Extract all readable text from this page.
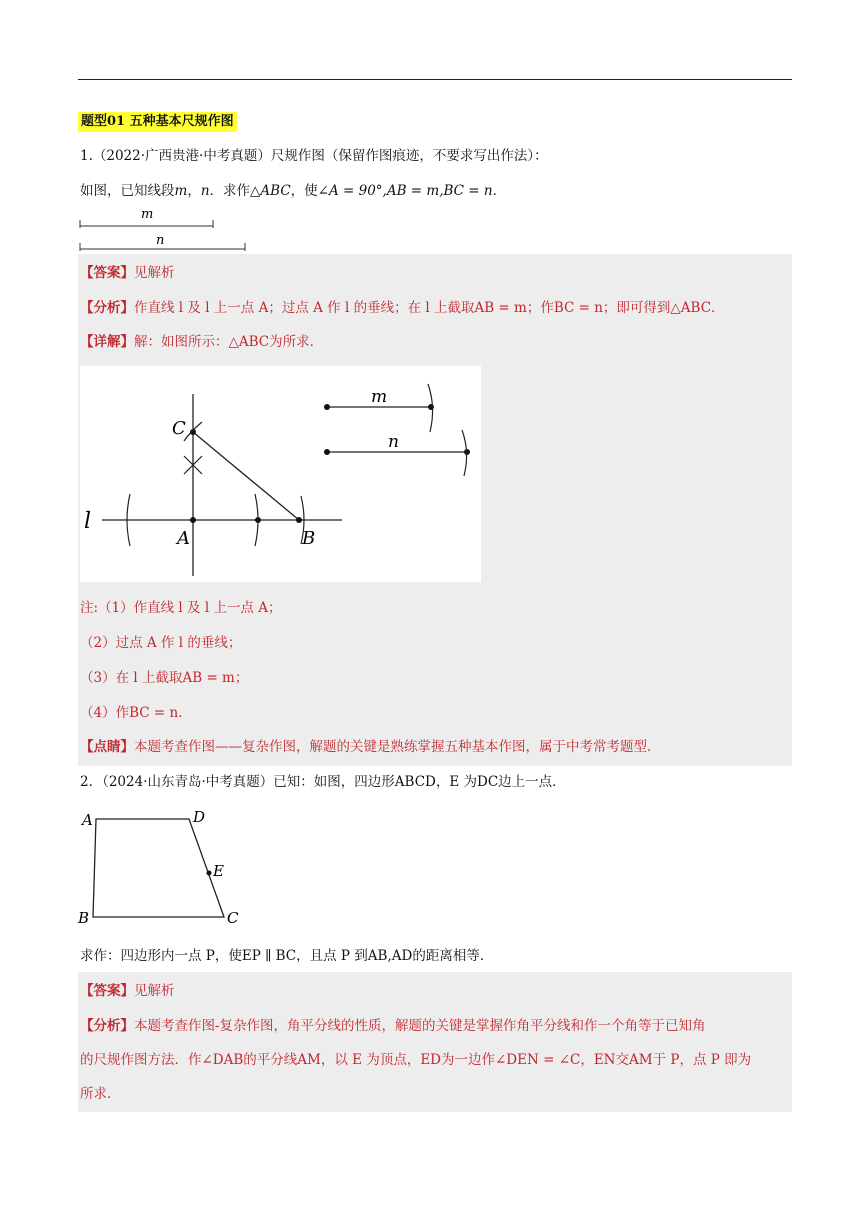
题型01 五种基本尺规作图
1.（2022·广西贵港·中考真题）尺规作图（保留作图痕迹，不要求写出作法）：
如图，已知线段m，n．求作△ABC，使∠A = 90°,AB = m,BC = n．
m
n
【答案】见解析
【分析】作直线 l 及 l 上一点 A；过点 A 作 l 的垂线；在 l 上截取AB = m；作BC = n；即可得到△ABC．
【详解】解：如图所示：△ABC为所求．
C
A	B
l
m
n
注:（1）作直线 l 及 l 上一点 A；
（2）过点 A 作 l 的垂线；
（3）在 l 上截取AB = m；
（4）作BC = n.
【点睛】本题考查作图——复杂作图，解题的关键是熟练掌握五种基本作图，属于中考常考题型．
2．（2024·山东青岛·中考真题）已知：如图，四边形ABCD，E 为DC边上一点．
A	D
E
B	C
求作：四边形内一点 P，使EP ∥ BC，且点 P 到AB,AD的距离相等．
【答案】见解析
【分析】本题考查作图-复杂作图，角平分线的性质，解题的关键是掌握作角平分线和作一个角等于已知角
的尺规作图方法．作∠DAB的平分线AM，以 E 为顶点，ED为一边作∠DEN = ∠C，EN交AM于 P，点 P 即为
所求．
